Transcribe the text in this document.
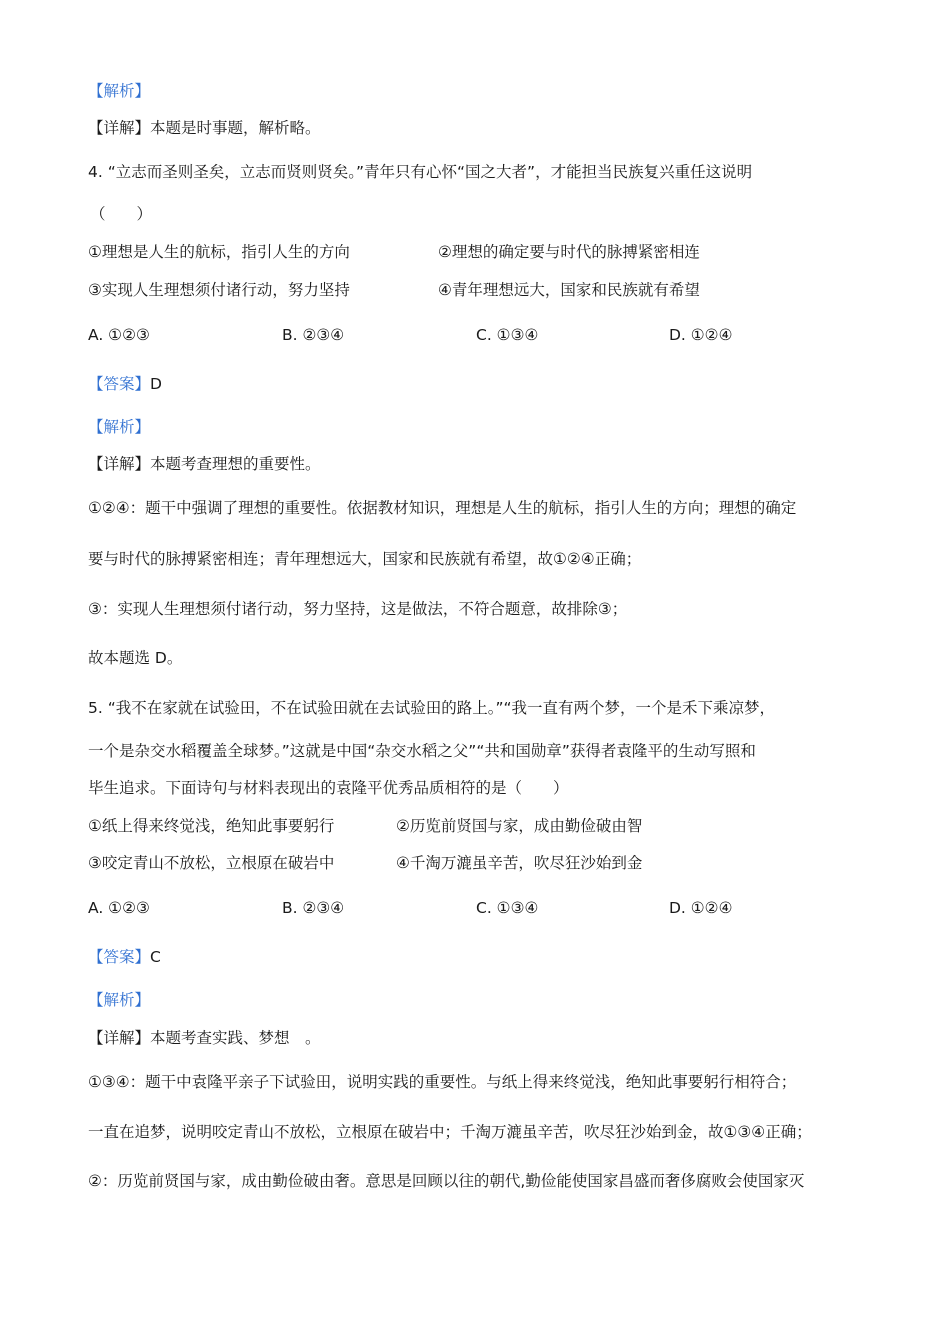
【解析】
【详解】本题是时事题，解析略。
4. “立志而圣则圣矣，立志而贤则贤矣。”青年只有心怀“国之大者”，才能担当民族复兴重任这说明
（　　）
①理想是人生的航标，指引人生的方向	②理想的确定要与时代的脉搏紧密相连
③实现人生理想须付诸行动，努力坚持	④青年理想远大，国家和民族就有希望
A. ①②③	B. ②③④	C. ①③④	D. ①②④
【答案】D
【解析】
【详解】本题考查理想的重要性。
①②④：题干中强调了理想的重要性。依据教材知识，理想是人生的航标，指引人生的方向；理想的确定
要与时代的脉搏紧密相连；青年理想远大，国家和民族就有希望，故①②④正确；
③：实现人生理想须付诸行动，努力坚持，这是做法，不符合题意，故排除③；
故本题选 D。
5. “我不在家就在试验田，不在试验田就在去试验田的路上。”“我一直有两个梦，一个是禾下乘凉梦，
一个是杂交水稻覆盖全球梦。”这就是中国“杂交水稻之父”“共和国勋章”获得者袁隆平的生动写照和
毕生追求。下面诗句与材料表现出的袁隆平优秀品质相符的是（　　）
①纸上得来终觉浅，绝知此事要躬行	②历览前贤国与家，成由勤俭破由智
③咬定青山不放松，立根原在破岩中	④千淘万漉虽辛苦，吹尽狂沙始到金
A. ①②③	B. ②③④	C. ①③④	D. ①②④
【答案】C
【解析】
【详解】本题考查实践、梦想　。
①③④：题干中袁隆平亲子下试验田，说明实践的重要性。与纸上得来终觉浅，绝知此事要躬行相符合；
一直在追梦，说明咬定青山不放松，立根原在破岩中；千淘万漉虽辛苦，吹尽狂沙始到金，故①③④正确；
②：历览前贤国与家，成由勤俭破由奢。意思是回顾以往的朝代,勤俭能使国家昌盛而奢侈腐败会使国家灭
